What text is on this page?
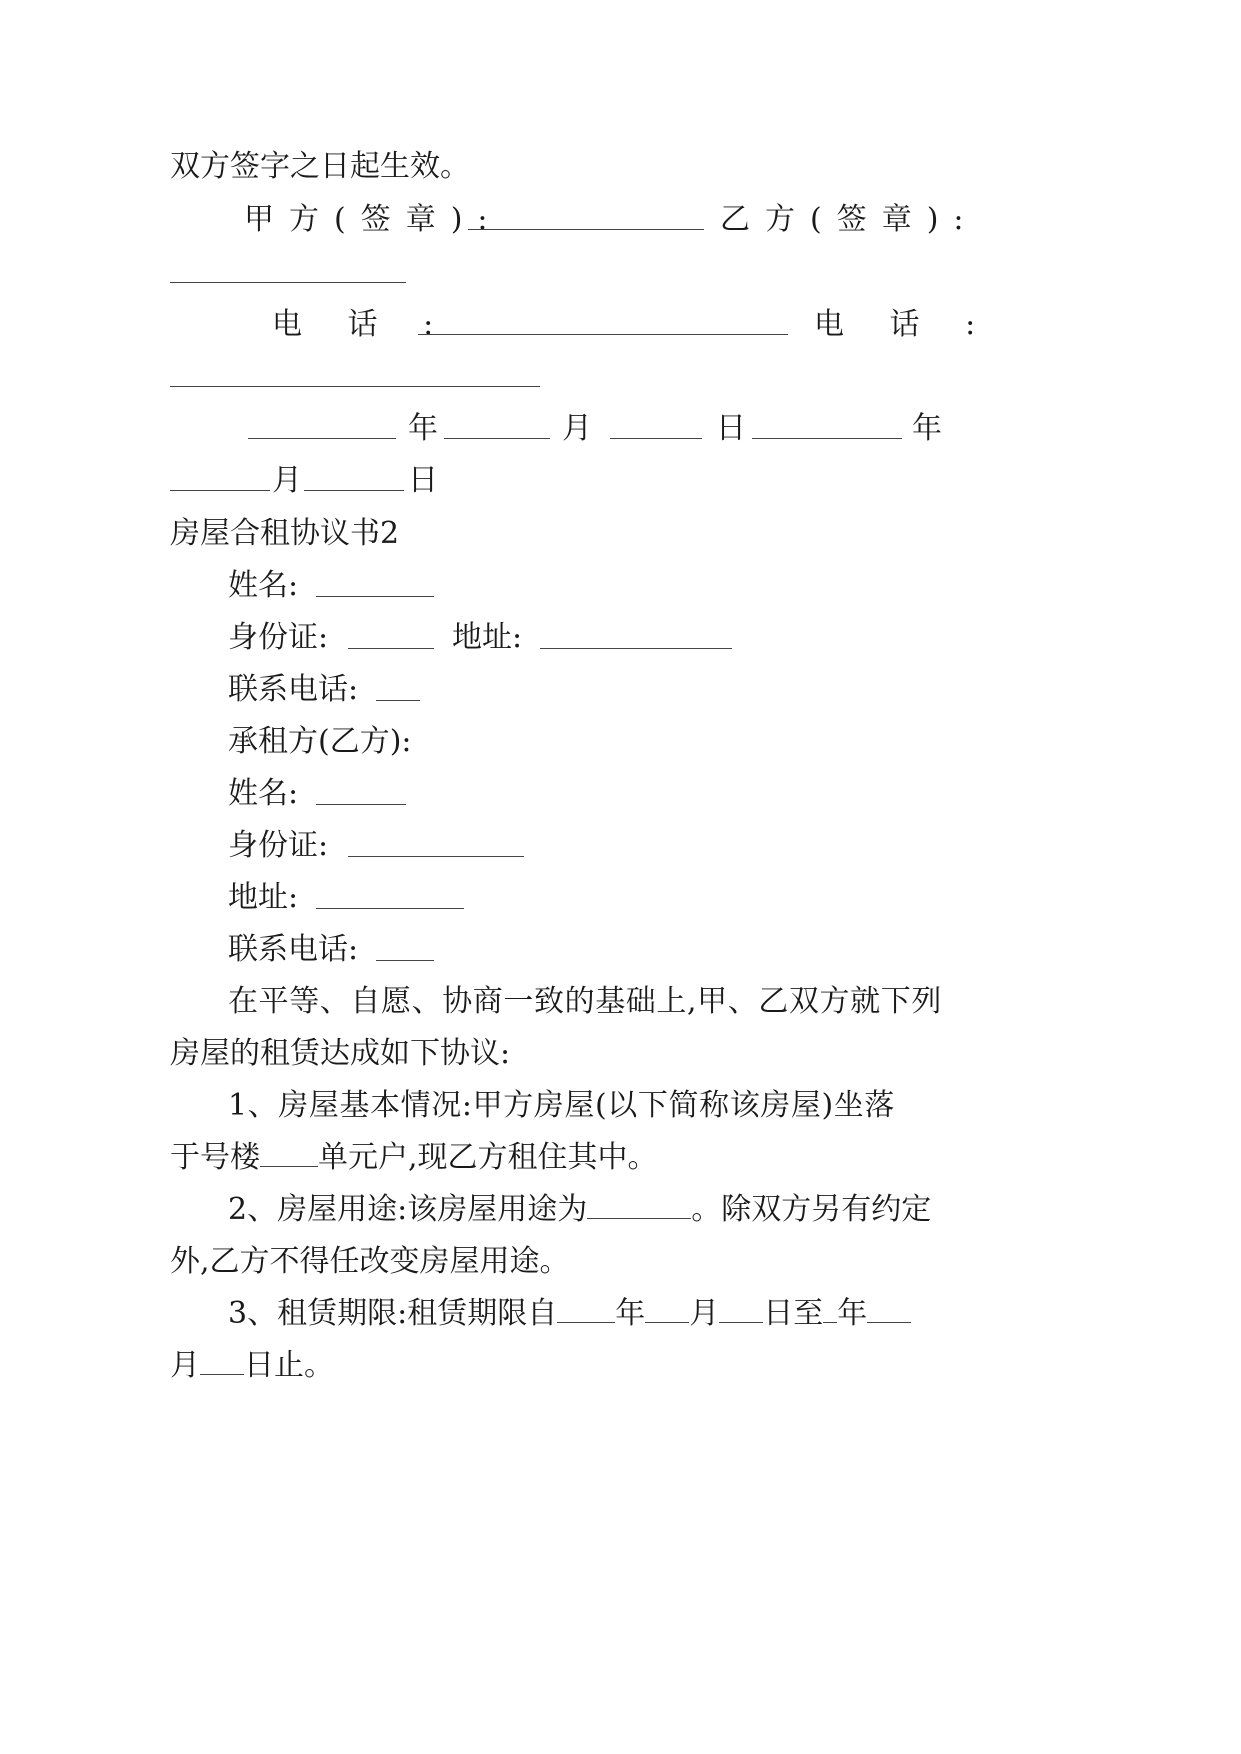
双方签字之日起生效。

甲方(签章):	乙方(签章):

电 话 :	电 话 :

年	月	日	年

月	日

房屋合租协议书2

姓名:

身份证:	地址:

联系电话:

承租方(乙方):

姓名:

身份证:

地址:

联系电话:

在平等、自愿、协商一致的基础上,甲、乙双方就下列

房屋的租赁达成如下协议:

1、房屋基本情况:甲方房屋(以下简称该房屋)坐落

于号楼 单元户,现乙方租住其中。

2、房屋用途:该房屋用途为	。除双方另有约定

外,乙方不得任改变房屋用途。

3、租赁期限:租赁期限自 年 月 日至 年

月 日止。
